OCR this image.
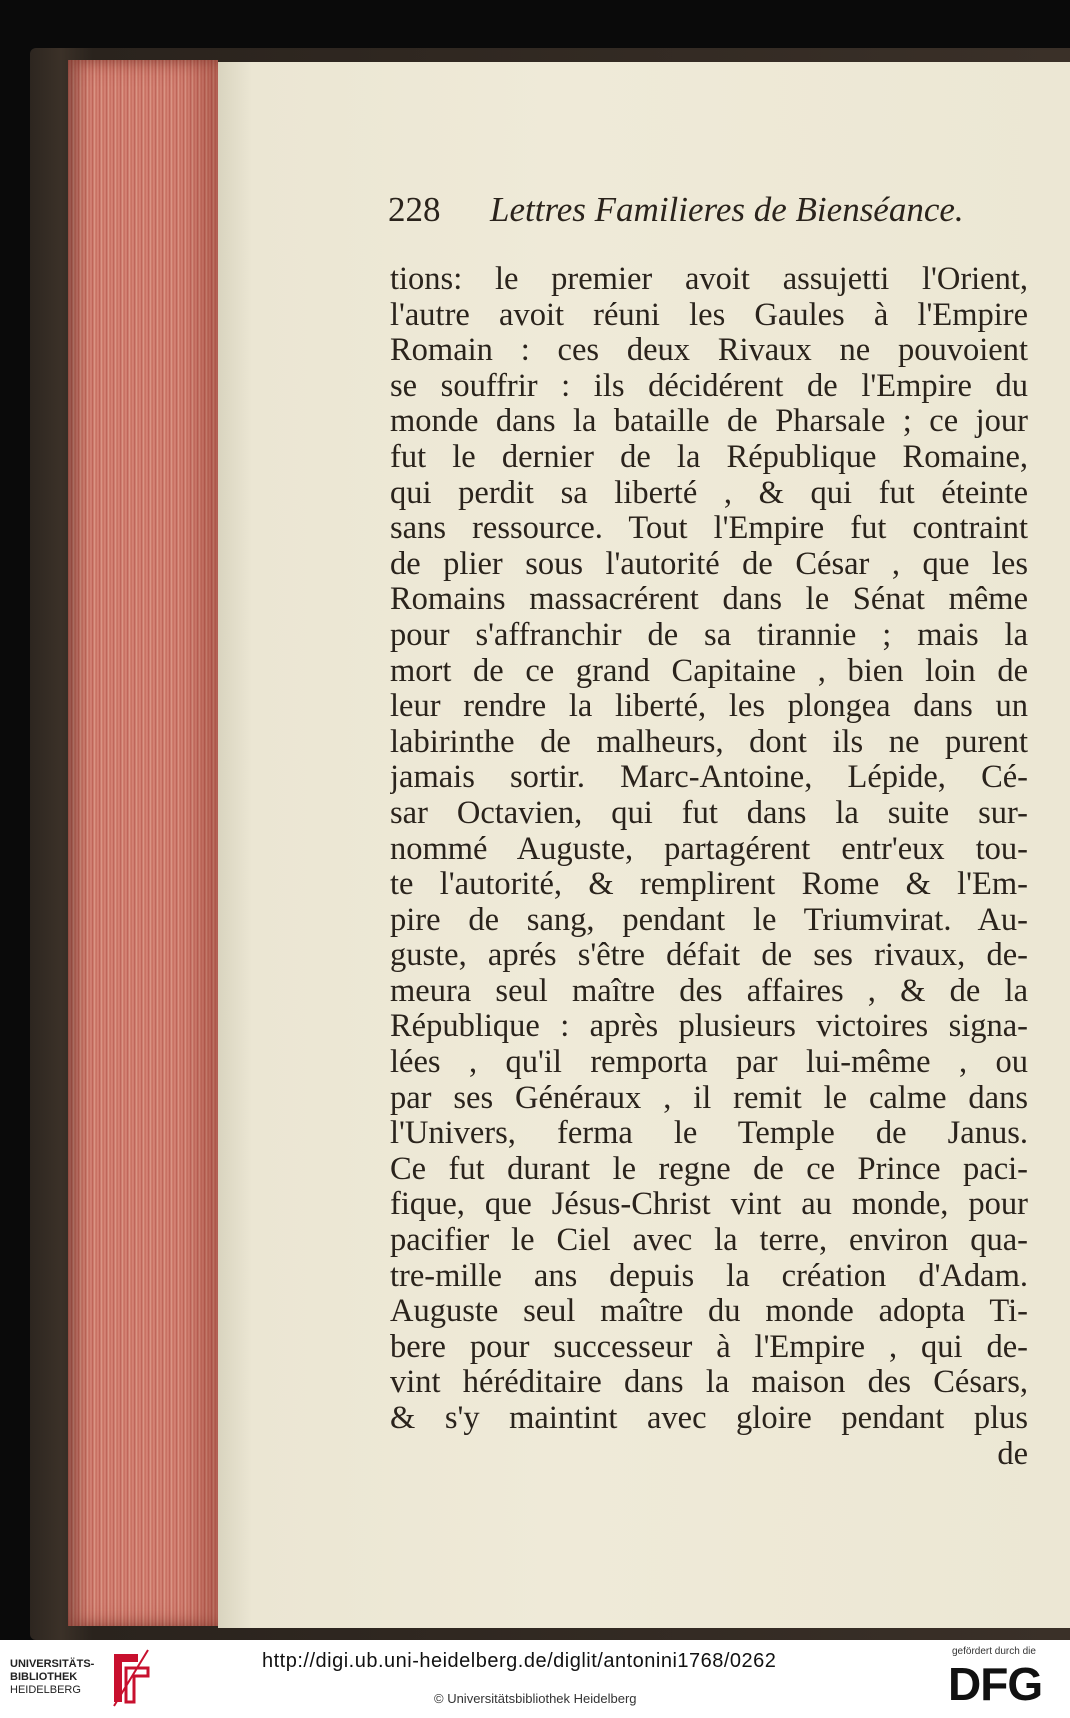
228 Lettres Familieres de Bienséance.
tions: le premier avoit assujetti l'Orient,
l'autre avoit réuni les Gaules à l'Empire
Romain : ces deux Rivaux ne pouvoient
se souffrir : ils décidérent de l'Empire du
monde dans la bataille de Pharsale ; ce jour
fut le dernier de la République Romaine,
qui perdit sa liberté , & qui fut éteinte
sans ressource. Tout l'Empire fut contraint
de plier sous l'autorité de César , que les
Romains massacrérent dans le Sénat même
pour s'affranchir de sa tirannie ; mais la
mort de ce grand Capitaine , bien loin de
leur rendre la liberté, les plongea dans un
labirinthe de malheurs, dont ils ne purent
jamais sortir. Marc-Antoine, Lépide, Cé-
sar Octavien, qui fut dans la suite sur-
nommé Auguste, partagérent entr'eux tou-
te l'autorité, & remplirent Rome & l'Em-
pire de sang, pendant le Triumvirat. Au-
guste, aprés s'être défait de ses rivaux, de-
meura seul maître des affaires , & de la
République : après plusieurs victoires signa-
lées , qu'il remporta par lui-même , ou
par ses Généraux , il remit le calme dans
l'Univers, ferma le Temple de Janus.
Ce fut durant le regne de ce Prince paci-
fique, que Jésus-Christ vint au monde, pour
pacifier le Ciel avec la terre, environ qua-
tre-mille ans depuis la création d'Adam.
Auguste seul maître du monde adopta Ti-
bere pour successeur à l'Empire , qui de-
vint héréditaire dans la maison des Césars,
& s'y maintint avec gloire pendant plus
de
UNIVERSITÄTS-
BIBLIOTHEK
HEIDELBERG
http://digi.ub.uni-heidelberg.de/diglit/antonini1768/0262
© Universitätsbibliothek Heidelberg
gefördert durch die
DFG
